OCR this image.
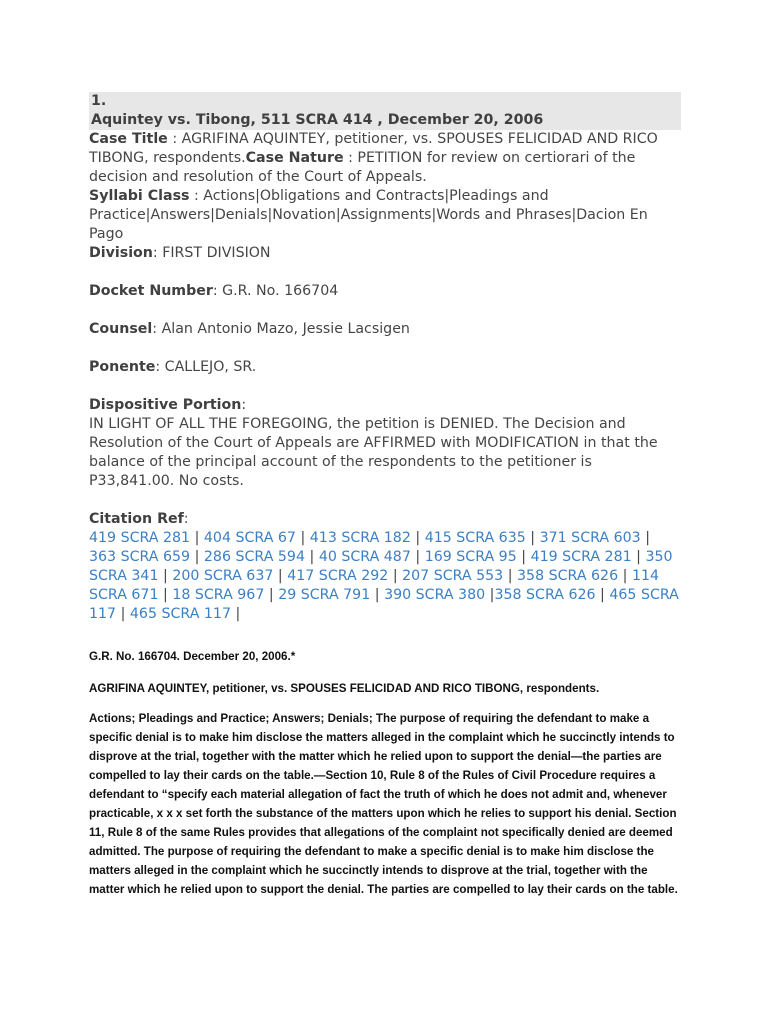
1.
Aquintey vs. Tibong, 511 SCRA 414 , December 20, 2006
Case Title : AGRIFINA AQUINTEY, petitioner, vs. SPOUSES FELICIDAD AND RICO TIBONG, respondents.Case Nature : PETITION for review on certiorari of the decision and resolution of the Court of Appeals.
Syllabi Class : Actions|Obligations and Contracts|Pleadings and Practice|Answers|Denials|Novation|Assignments|Words and Phrases|Dacion En Pago
Division: FIRST DIVISION
Docket Number: G.R. No. 166704
Counsel: Alan Antonio Mazo, Jessie Lacsigen
Ponente: CALLEJO, SR.
Dispositive Portion:
IN LIGHT OF ALL THE FOREGOING, the petition is DENIED. The Decision and Resolution of the Court of Appeals are AFFIRMED with MODIFICATION in that the balance of the principal account of the respondents to the petitioner is P33,841.00. No costs.
Citation Ref:
419 SCRA 281 | 404 SCRA 67 | 413 SCRA 182 | 415 SCRA 635 | 371 SCRA 603 | 363 SCRA 659 | 286 SCRA 594 | 40 SCRA 487 | 169 SCRA 95 | 419 SCRA 281 | 350 SCRA 341 | 200 SCRA 637 | 417 SCRA 292 | 207 SCRA 553 | 358 SCRA 626 | 114 SCRA 671 | 18 SCRA 967 | 29 SCRA 791 | 390 SCRA 380 |358 SCRA 626 | 465 SCRA 117 | 465 SCRA 117 |

G.R. No. 166704. December 20, 2006.*

AGRIFINA AQUINTEY, petitioner, vs. SPOUSES FELICIDAD AND RICO TIBONG, respondents.

Actions; Pleadings and Practice; Answers; Denials; The purpose of requiring the defendant to make a specific denial is to make him disclose the matters alleged in the complaint which he succinctly intends to disprove at the trial, together with the matter which he relied upon to support the denial—the parties are compelled to lay their cards on the table.—Section 10, Rule 8 of the Rules of Civil Procedure requires a defendant to “specify each material allegation of fact the truth of which he does not admit and, whenever practicable, x x x set forth the substance of the matters upon which he relies to support his denial. Section 11, Rule 8 of the same Rules provides that allegations of the complaint not specifically denied are deemed admitted. The purpose of requiring the defendant to make a specific denial is to make him disclose the matters alleged in the complaint which he succinctly intends to disprove at the trial, together with the matter which he relied upon to support the denial. The parties are compelled to lay their cards on the table.
